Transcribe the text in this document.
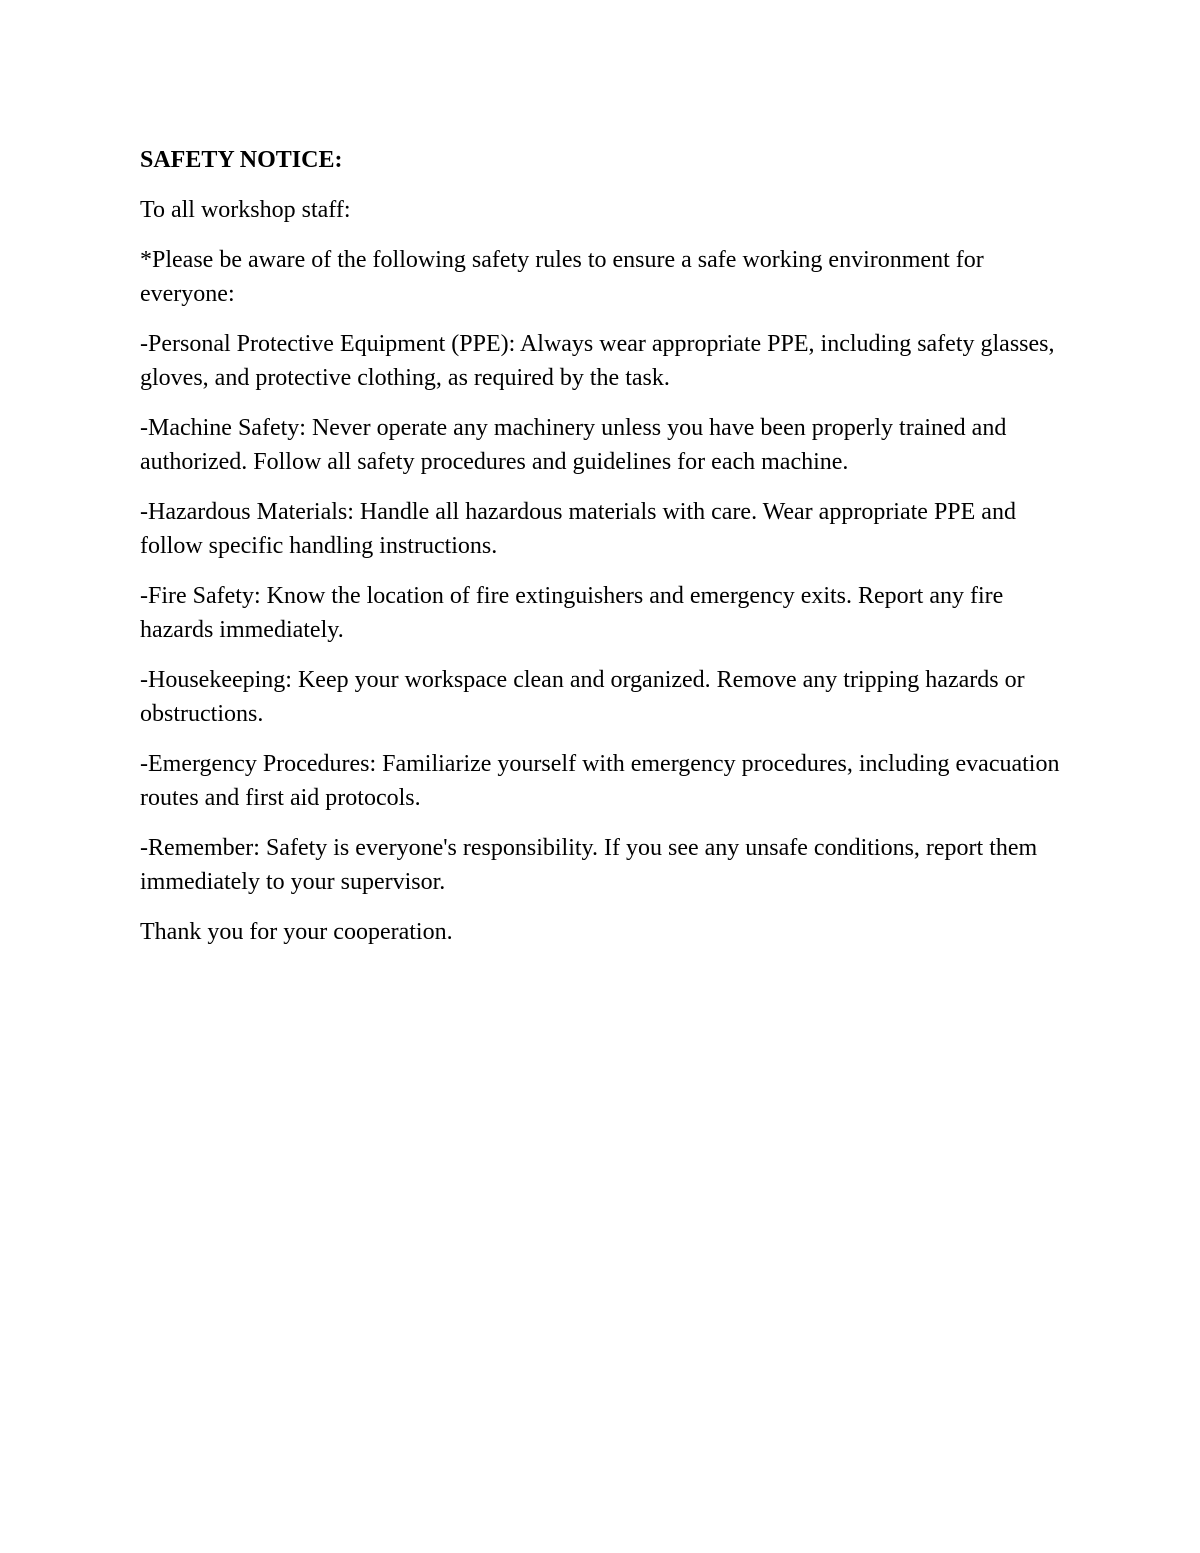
SAFETY NOTICE:

To all workshop staff:

*Please be aware of the following safety rules to ensure a safe working environment for everyone:

-Personal Protective Equipment (PPE): Always wear appropriate PPE, including safety glasses, gloves, and protective clothing, as required by the task.

-Machine Safety: Never operate any machinery unless you have been properly trained and authorized. Follow all safety procedures and guidelines for each machine.

-Hazardous Materials: Handle all hazardous materials with care. Wear appropriate PPE and follow specific handling instructions.

-Fire Safety: Know the location of fire extinguishers and emergency exits. Report any fire hazards immediately.

-Housekeeping: Keep your workspace clean and organized. Remove any tripping hazards or obstructions.

-Emergency Procedures: Familiarize yourself with emergency procedures, including evacuation routes and first aid protocols.

-Remember: Safety is everyone's responsibility. If you see any unsafe conditions, report them immediately to your supervisor.

Thank you for your cooperation.
